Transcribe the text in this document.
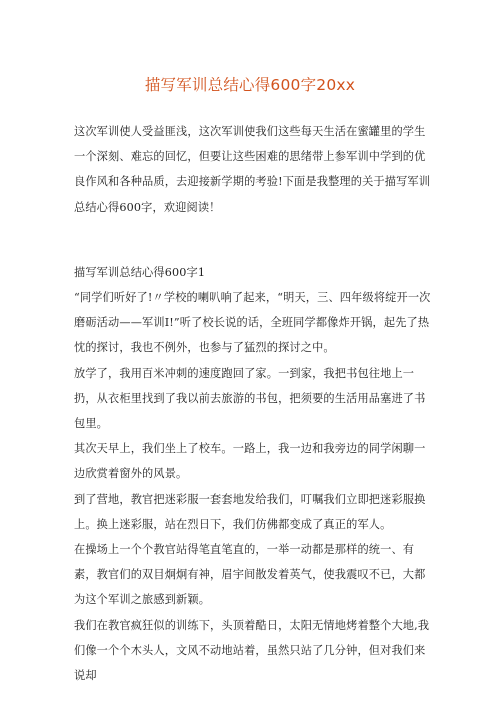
描写军训总结心得600字20xx

这次军训使人受益匪浅，这次军训使我们这些每天生活在蜜罐里的学生一个深刻、难忘的回忆，但要让这些困难的思绪带上参军训中学到的优良作风和各种品质，去迎接新学期的考验!下面是我整理的关于描写军训总结心得600字，欢迎阅读！

描写军训总结心得600字1

“同学们听好了!〃学校的喇叭响了起来，“明天，三、四年级将绽开一次磨砺活动——军训I!”听了校长说的话，全班同学都像炸开锅，起先了热忱的探讨，我也不例外，也参与了猛烈的探讨之中。

放学了，我用百米冲刺的速度跑回了家。一到家，我把书包往地上一扔，从衣柜里找到了我以前去旅游的书包，把须要的生活用品塞进了书包里。

其次天早上，我们坐上了校车。一路上，我一边和我旁边的同学闲聊一边欣赏着窗外的风景。

到了营地，教官把迷彩服一套套地发给我们，叮嘱我们立即把迷彩服换上。换上迷彩服，站在烈日下，我们仿佛都变成了真正的军人。

在操场上一个个教官站得笔直笔直的，一举一动都是那样的统一、有素，教官们的双目炯炯有神，眉宇间散发着英气，使我震叹不已，大都为这个军训之旅感到新颖。

我们在教官疯狂似的训练下，头顶着酷日，太阳无情地烤着整个大地,我们像一个个木头人，文风不动地站着，虽然只站了几分钟，但对我们来说却
